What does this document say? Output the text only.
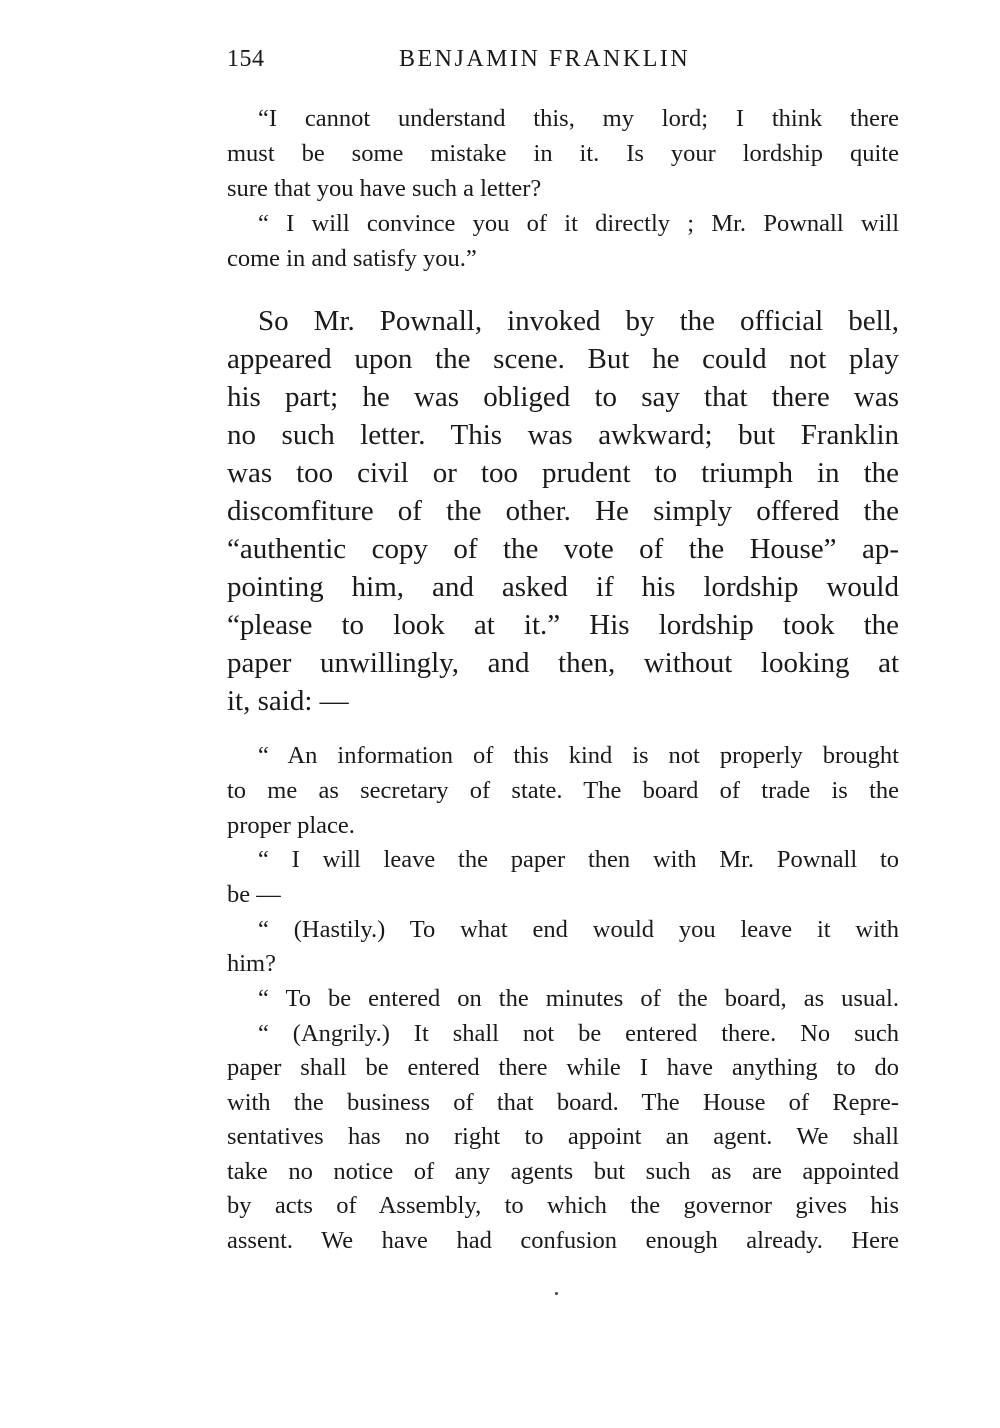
154	BENJAMIN FRANKLIN
“I cannot understand this, my lord; I think there
must be some mistake in it. Is your lordship quite
sure that you have such a letter?
“ I will convince you of it directly ; Mr. Pownall will
come in and satisfy you.”
So Mr. Pownall, invoked by the official bell,
appeared upon the scene. But he could not play
his part; he was obliged to say that there was
no such letter. This was awkward; but Franklin
was too civil or too prudent to triumph in the
discomfiture of the other. He simply offered the
“authentic copy of the vote of the House” ap-
pointing him, and asked if his lordship would
“please to look at it.” His lordship took the
paper unwillingly, and then, without looking at
it, said: —
“ An information of this kind is not properly brought
to me as secretary of state. The board of trade is the
proper place.
“ I will leave the paper then with Mr. Pownall to
be —
“ (Hastily.) To what end would you leave it with
him?
“ To be entered on the minutes of the board, as usual.
“ (Angrily.) It shall not be entered there. No such
paper shall be entered there while I have anything to do
with the business of that board. The House of Repre-
sentatives has no right to appoint an agent. We shall
take no notice of any agents but such as are appointed
by acts of Assembly, to which the governor gives his
assent. We have had confusion enough already. Here
